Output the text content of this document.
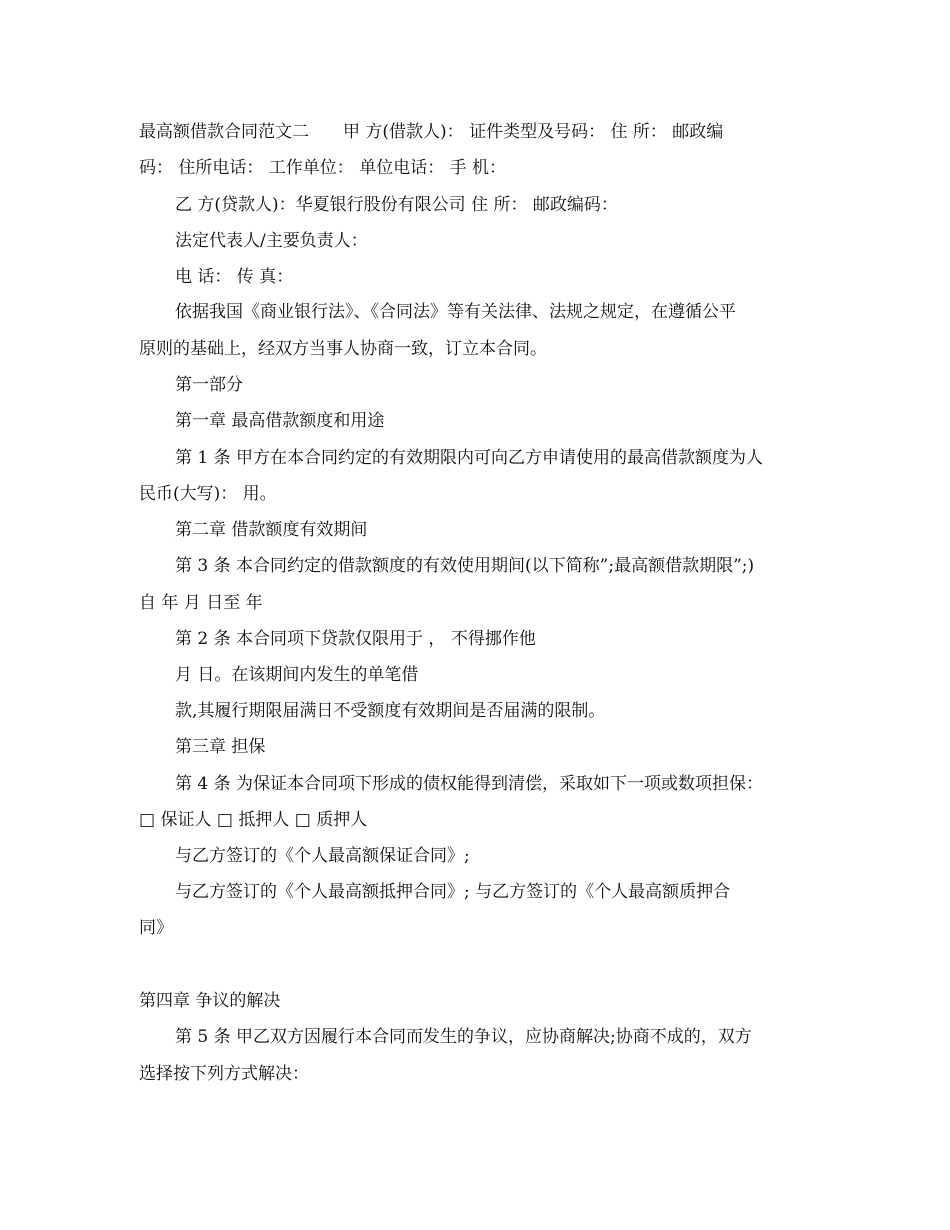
最高额借款合同范文二　　甲 方(借款人)： 证件类型及号码： 住 所： 邮政编

码： 住所电话： 工作单位： 单位电话： 手 机：

乙 方(贷款人)：华夏银行股份有限公司 住 所： 邮政编码：

法定代表人/主要负责人：

电 话： 传 真：

依据我国《商业银行法》、《合同法》等有关法律、法规之规定，在遵循公平

原则的基础上，经双方当事人协商一致，订立本合同。

第一部分

第一章 最高借款额度和用途

第 1 条 甲方在本合同约定的有效期限内可向乙方申请使用的最高借款额度为人

民币(大写)： 用。

第二章 借款额度有效期间

第 3 条 本合同约定的借款额度的有效使用期间(以下简称”;最高额借款期限”;)

自 年 月 日至 年

第 2 条 本合同项下贷款仅限用于 ， 不得挪作他

月 日。在该期间内发生的单笔借

款,其履行期限届满日不受额度有效期间是否届满的限制。

第三章 担保

第 4 条 为保证本合同项下形成的债权能得到清偿，采取如下一项或数项担保：

□ 保证人 □ 抵押人 □ 质押人

与乙方签订的《个人最高额保证合同》;

与乙方签订的《个人最高额抵押合同》; 与乙方签订的《个人最高额质押合

同》

第四章 争议的解决

第 5 条 甲乙双方因履行本合同而发生的争议，应协商解决;协商不成的，双方

选择按下列方式解决：
